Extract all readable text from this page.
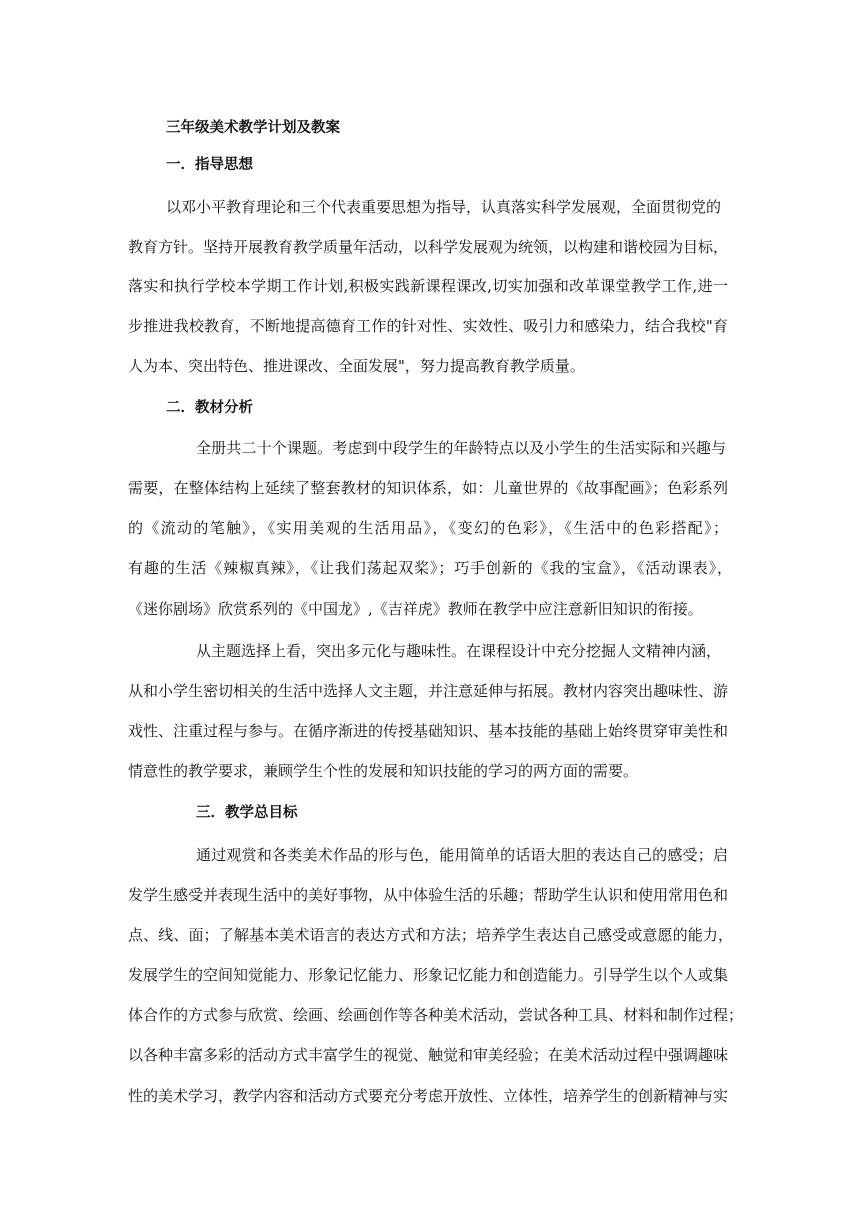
三年级美术教学计划及教案
一．指导思想
以邓小平教育理论和三个代表重要思想为指导，认真落实科学发展观，全面贯彻党的
教育方针。坚持开展教育教学质量年活动，以科学发展观为统领，以构建和谐校园为目标，
落实和执行学校本学期工作计划,积极实践新课程课改,切实加强和改革课堂教学工作,进一
步推进我校教育，不断地提高德育工作的针对性、实效性、吸引力和感染力，结合我校"育
人为本、突出特色、推进课改、全面发展"，努力提高教育教学质量。
二．教材分析
全册共二十个课题。考虑到中段学生的年龄特点以及小学生的生活实际和兴趣与
需要，在整体结构上延续了整套教材的知识体系，如：儿童世界的《故事配画》；色彩系列
的《流动的笔触》，《实用美观的生活用品》，《变幻的色彩》，《生活中的色彩搭配》；
有趣的生活《辣椒真辣》，《让我们荡起双桨》；巧手创新的《我的宝盒》，《活动课表》，
《迷你剧场》欣赏系列的《中国龙》,《吉祥虎》教师在教学中应注意新旧知识的衔接。
从主题选择上看，突出多元化与趣味性。在课程设计中充分挖掘人文精神内涵，
从和小学生密切相关的生活中选择人文主题，并注意延伸与拓展。教材内容突出趣味性、游
戏性、注重过程与参与。在循序渐进的传授基础知识、基本技能的基础上始终贯穿审美性和
情意性的教学要求，兼顾学生个性的发展和知识技能的学习的两方面的需要。
三．教学总目标
通过观赏和各类美术作品的形与色，能用简单的话语大胆的表达自己的感受；启
发学生感受并表现生活中的美好事物，从中体验生活的乐趣；帮助学生认识和使用常用色和
点、线、面；了解基本美术语言的表达方式和方法；培养学生表达自己感受或意愿的能力，
发展学生的空间知觉能力、形象记忆能力、形象记忆能力和创造能力。引导学生以个人或集
体合作的方式参与欣赏、绘画、绘画创作等各种美术活动，尝试各种工具、材料和制作过程；
以各种丰富多彩的活动方式丰富学生的视觉、触觉和审美经验；在美术活动过程中强调趣味
性的美术学习，教学内容和活动方式要充分考虑开放性、立体性，培养学生的创新精神与实
